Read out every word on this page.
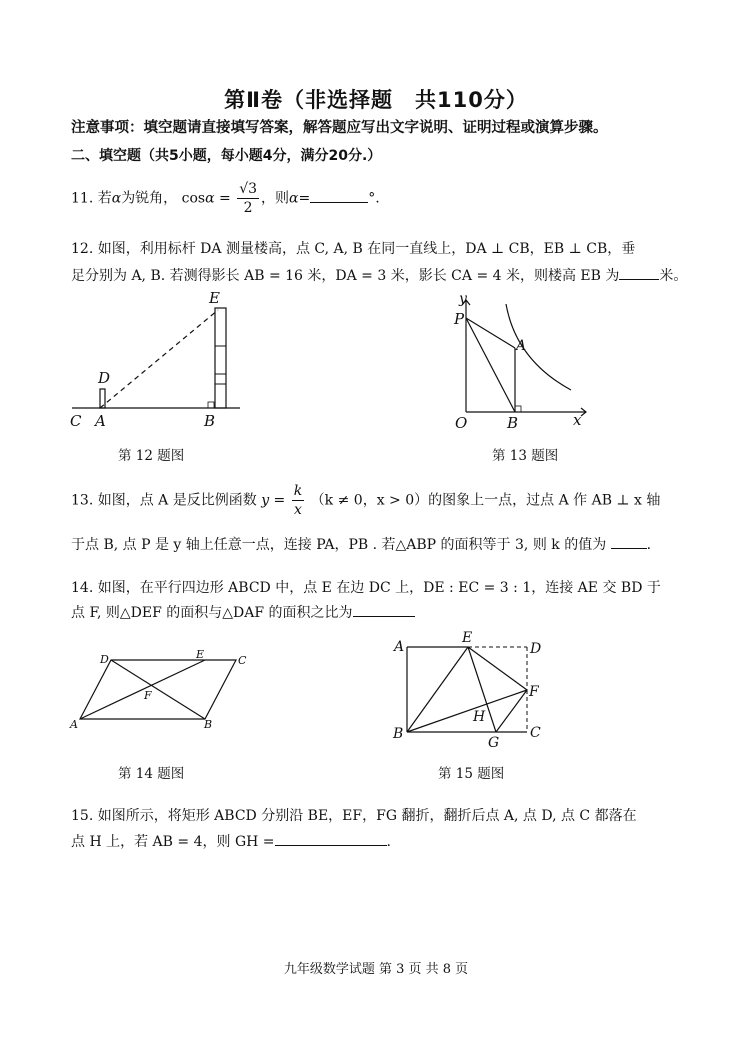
第Ⅱ卷（非选择题　共110分）
注意事项：填空题请直接填写答案，解答题应写出文字说明、证明过程或演算步骤。
二、填空题（共5小题，每小题4分，满分20分.）
11. 若α为锐角， $\cos\alpha = \frac{√3}{2}$ ，则α=	°.
12. 如图，利用标杆 DA 测量楼高，点 C, A, B 在同一直线上，DA ⊥ CB，EB ⊥ CB，垂
足分别为 A, B. 若测得影长 AB = 16 米，DA = 3 米，影长 CA = 4 米，则楼高 EB 为	米。
E
D
C A	B
第 12 题图
y
P
A
O	B	x
第 13 题图
13. 如图，点 A 是反比例函数 $y = \frac{k}{x} (k \ne 0$，x > 0）的图象上一点，过点 A 作 AB ⊥ x 轴
于点 B, 点 P 是 y 轴上任意一点，连接 PA，PB . 若△ABP 的面积等于 3, 则 k 的值为	.
14. 如图，在平行四边形 ABCD 中，点 E 在边 DC 上，DE : EC = 3 : 1，连接 AE 交 BD 于
点 F, 则△DEF 的面积与△DAF 的面积之比为
D	E	C
F
A	B
第 14 题图
A
E
D
F
H
B
G
C
第 15 题图
15. 如图所示，将矩形 ABCD 分别沿 BE，EF，FG 翻折，翻折后点 A, 点 D, 点 C 都落在
点 H 上，若 AB = 4，则 GH =	.
九年级数学试题 第 3 页 共 8 页
